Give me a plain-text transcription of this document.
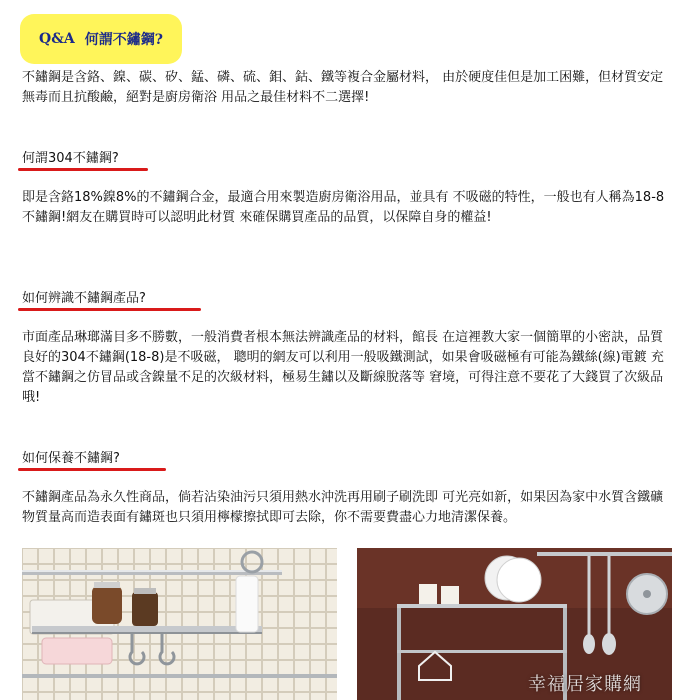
Q&A 何謂不鏽鋼?

不鏽鋼是含鉻、鎳、碳、矽、錳、磷、硫、鉬、鈷、鐵等複合金屬材料， 由於硬度佳但是加工困難，但材質安定無毒而且抗酸鹼，絕對是廚房衛浴 用品之最佳材料不二選擇!

何謂304不鏽鋼?

即是含鉻18%鎳8%的不鏽鋼合金，最適合用來製造廚房衛浴用品，並具有 不吸磁的特性，一般也有人稱為18-8不鏽鋼!網友在購買時可以認明此材質 來確保購買產品的品質，以保障自身的權益!

如何辨識不鏽鋼產品?

市面產品琳瑯滿目多不勝數，一般消費者根本無法辨識產品的材料，館長 在這裡教大家一個簡單的小密訣，品質良好的304不鏽鋼(18-8)是不吸磁， 聰明的網友可以利用一般吸鐵測試，如果會吸磁極有可能為鐵絲(線)電鍍 充當不鏽鋼之仿冒品或含鎳量不足的次級材料，極易生鏽以及斷線脫落等 窘境，可得注意不要花了大錢買了次級品哦!

如何保養不鏽鋼?

不鏽鋼產品為永久性商品，倘若沾染油污只須用熱水沖洗再用刷子刷洗即 可光亮如新，如果因為家中水質含鐵礦物質量高而造表面有鏽斑也只須用檸檬擦拭即可去除，你不需要費盡心力地清潔保養。

幸福居家購網
